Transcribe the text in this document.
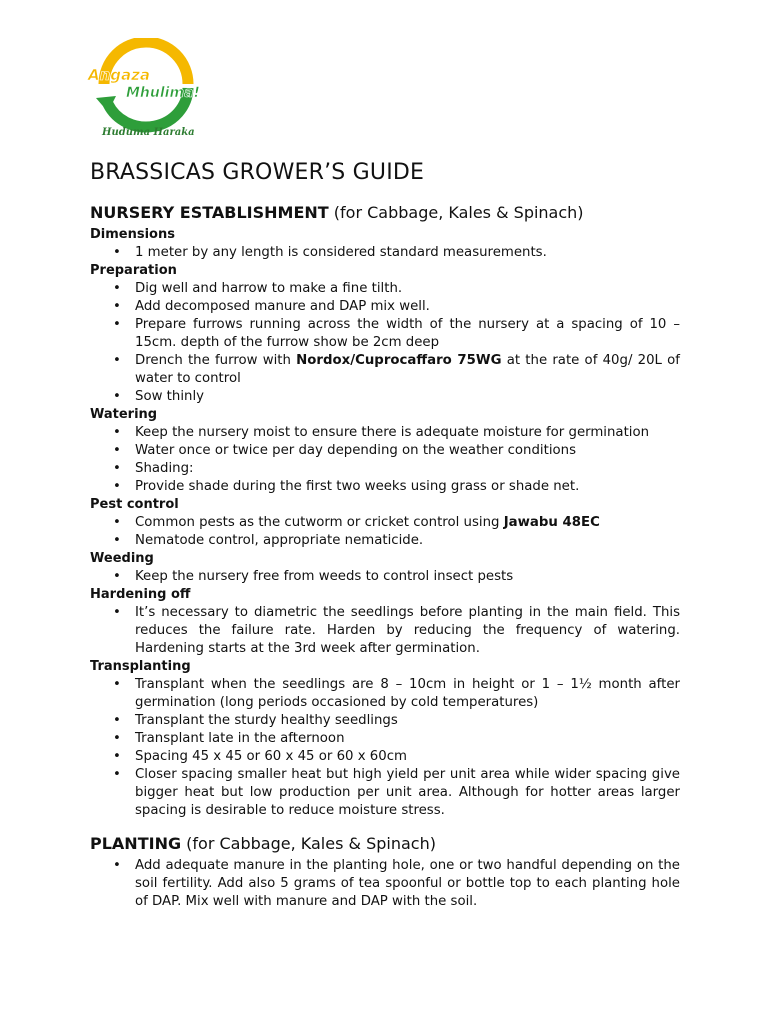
Angaza
Mhulima!
Huduma Haraka
BRASSICAS GROWER’S GUIDE
NURSERY ESTABLISHMENT (for Cabbage, Kales & Spinach)
Dimensions
• 1 meter by any length is considered standard measurements.
Preparation
• Dig well and harrow to make a fine tilth.
• Add decomposed manure and DAP mix well.
• Prepare furrows running across the width of the nursery at a spacing of 10 – 15cm. depth of the furrow show be 2cm deep
• Drench the furrow with Nordox/Cuprocaffaro 75WG at the rate of 40g/ 20L of water to control
• Sow thinly
Watering
• Keep the nursery moist to ensure there is adequate moisture for germination
• Water once or twice per day depending on the weather conditions
• Shading:
• Provide shade during the first two weeks using grass or shade net.
Pest control
• Common pests as the cutworm or cricket control using Jawabu 48EC
• Nematode control, appropriate nematicide.
Weeding
• Keep the nursery free from weeds to control insect pests
Hardening off
• It’s necessary to diametric the seedlings before planting in the main field. This reduces the failure rate. Harden by reducing the frequency of watering. Hardening starts at the 3rd week after germination.
Transplanting
• Transplant when the seedlings are 8 – 10cm in height or 1 – 1½ month after germination (long periods occasioned by cold temperatures)
• Transplant the sturdy healthy seedlings
• Transplant late in the afternoon
• Spacing 45 x 45 or 60 x 45 or 60 x 60cm
• Closer spacing smaller heat but high yield per unit area while wider spacing give bigger heat but low production per unit area. Although for hotter areas larger spacing is desirable to reduce moisture stress.
PLANTING (for Cabbage, Kales & Spinach)
• Add adequate manure in the planting hole, one or two handful depending on the soil fertility. Add also 5 grams of tea spoonful or bottle top to each planting hole of DAP. Mix well with manure and DAP with the soil.
